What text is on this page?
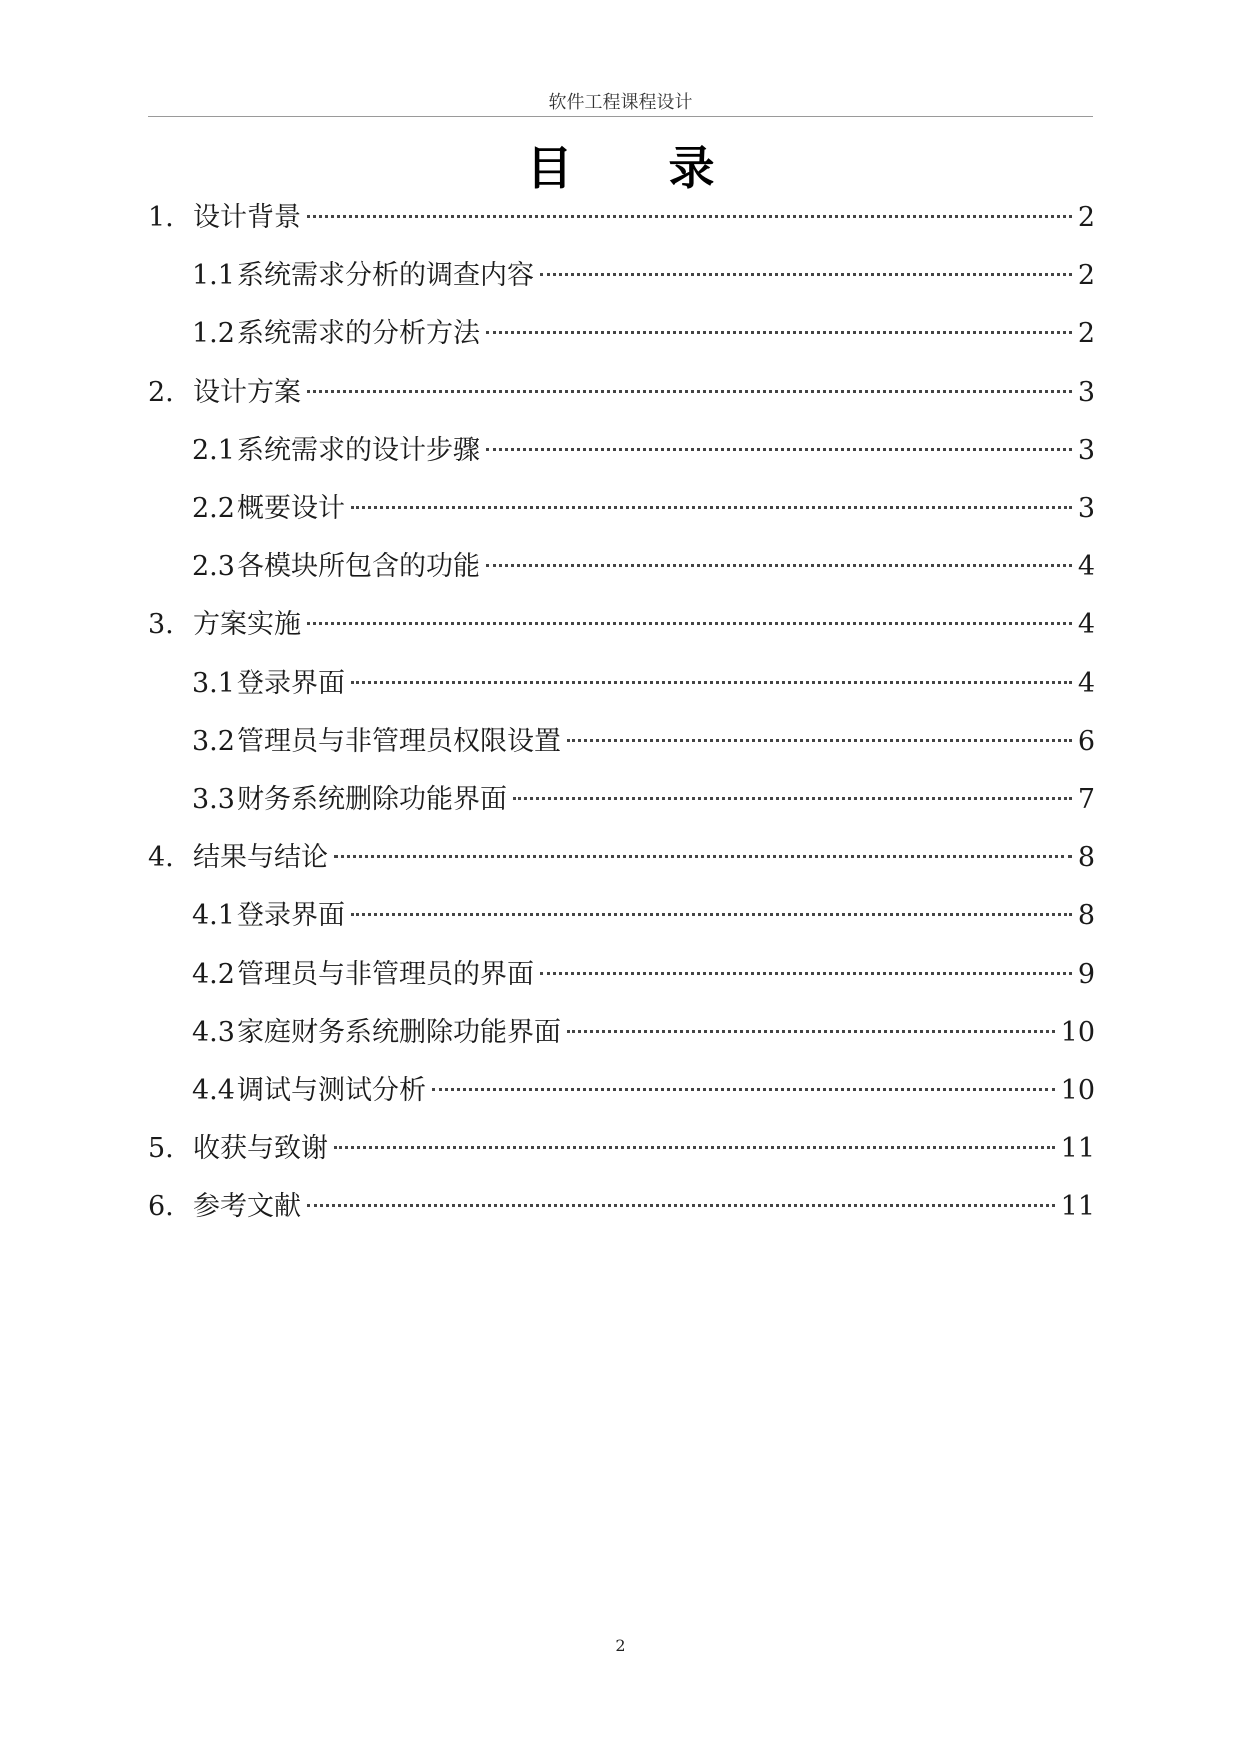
软件工程课程设计
目录
1. 设计背景	2
1.1 系统需求分析的调查内容	2
1.2 系统需求的分析方法	2
2. 设计方案	3
2.1 系统需求的设计步骤	3
2.2 概要设计	3
2.3 各模块所包含的功能	4
3. 方案实施	4
3.1 登录界面	4
3.2 管理员与非管理员权限设置	6
3.3 财务系统删除功能界面	7
4. 结果与结论	8
4.1 登录界面	8
4.2 管理员与非管理员的界面	9
4.3 家庭财务系统删除功能界面	10
4.4 调试与测试分析	10
5. 收获与致谢	11
6. 参考文献	11
2
